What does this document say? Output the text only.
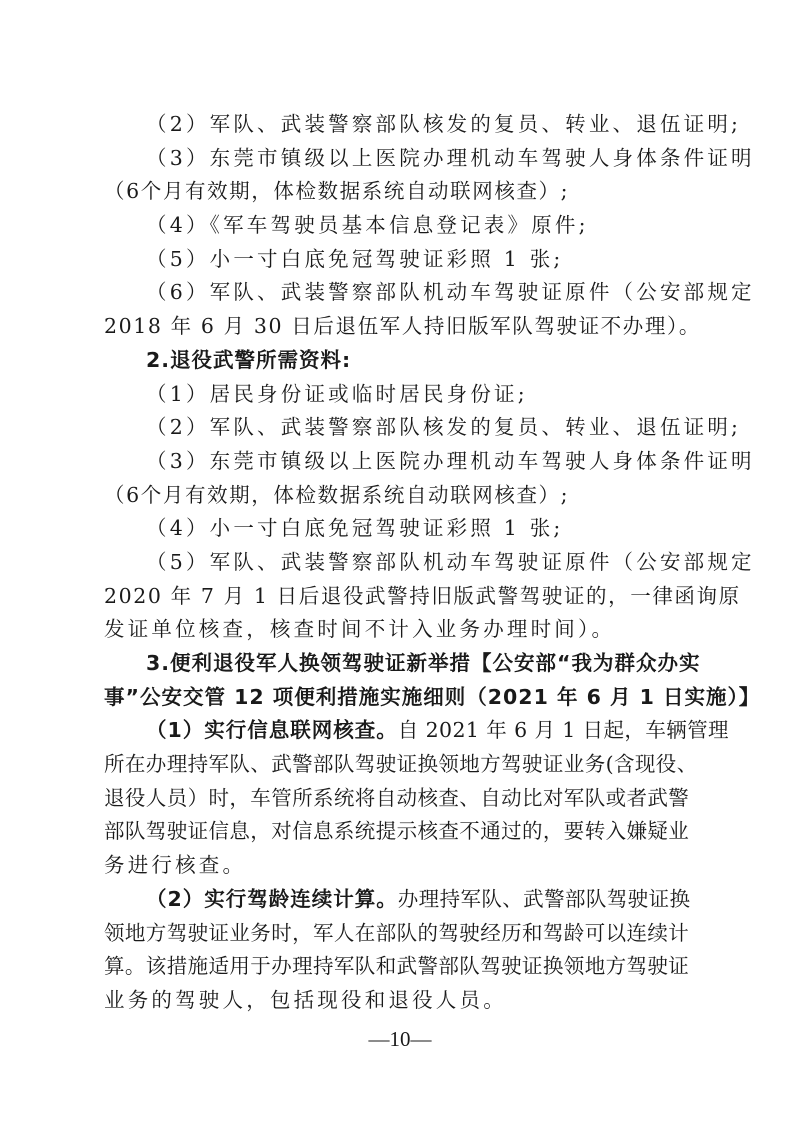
（2）军队、武装警察部队核发的复员、转业、退伍证明;
（3）东莞市镇级以上医院办理机动车驾驶人身体条件证明
（6个月有效期，体检数据系统自动联网核查）;
（4）《军车驾驶员基本信息登记表》原件;
（5）小一寸白底免冠驾驶证彩照 1 张;
（6）军队、武装警察部队机动车驾驶证原件（公安部规定
2018 年 6 月 30 日后退伍军人持旧版军队驾驶证不办理）。
2.退役武警所需资料:
（1）居民身份证或临时居民身份证;
（2）军队、武装警察部队核发的复员、转业、退伍证明;
（3）东莞市镇级以上医院办理机动车驾驶人身体条件证明
（6个月有效期，体检数据系统自动联网核查）;
（4）小一寸白底免冠驾驶证彩照 1 张;
（5）军队、武装警察部队机动车驾驶证原件（公安部规定
2020 年 7 月 1 日后退役武警持旧版武警驾驶证的，一律函询原
发证单位核查，核查时间不计入业务办理时间）。
3.便利退役军人换领驾驶证新举措【公安部“我为群众办实
事”公安交管 12 项便利措施实施细则（2021 年 6 月 1 日实施）】
（1）实行信息联网核查。自 2021 年 6 月 1 日起，车辆管理
所在办理持军队、武警部队驾驶证换领地方驾驶证业务(含现役、
退役人员）时，车管所系统将自动核查、自动比对军队或者武警
部队驾驶证信息，对信息系统提示核查不通过的，要转入嫌疑业
务进行核查。
（2）实行驾龄连续计算。办理持军队、武警部队驾驶证换
领地方驾驶证业务时，军人在部队的驾驶经历和驾龄可以连续计
算。该措施适用于办理持军队和武警部队驾驶证换领地方驾驶证
业务的驾驶人，包括现役和退役人员。
—10—
